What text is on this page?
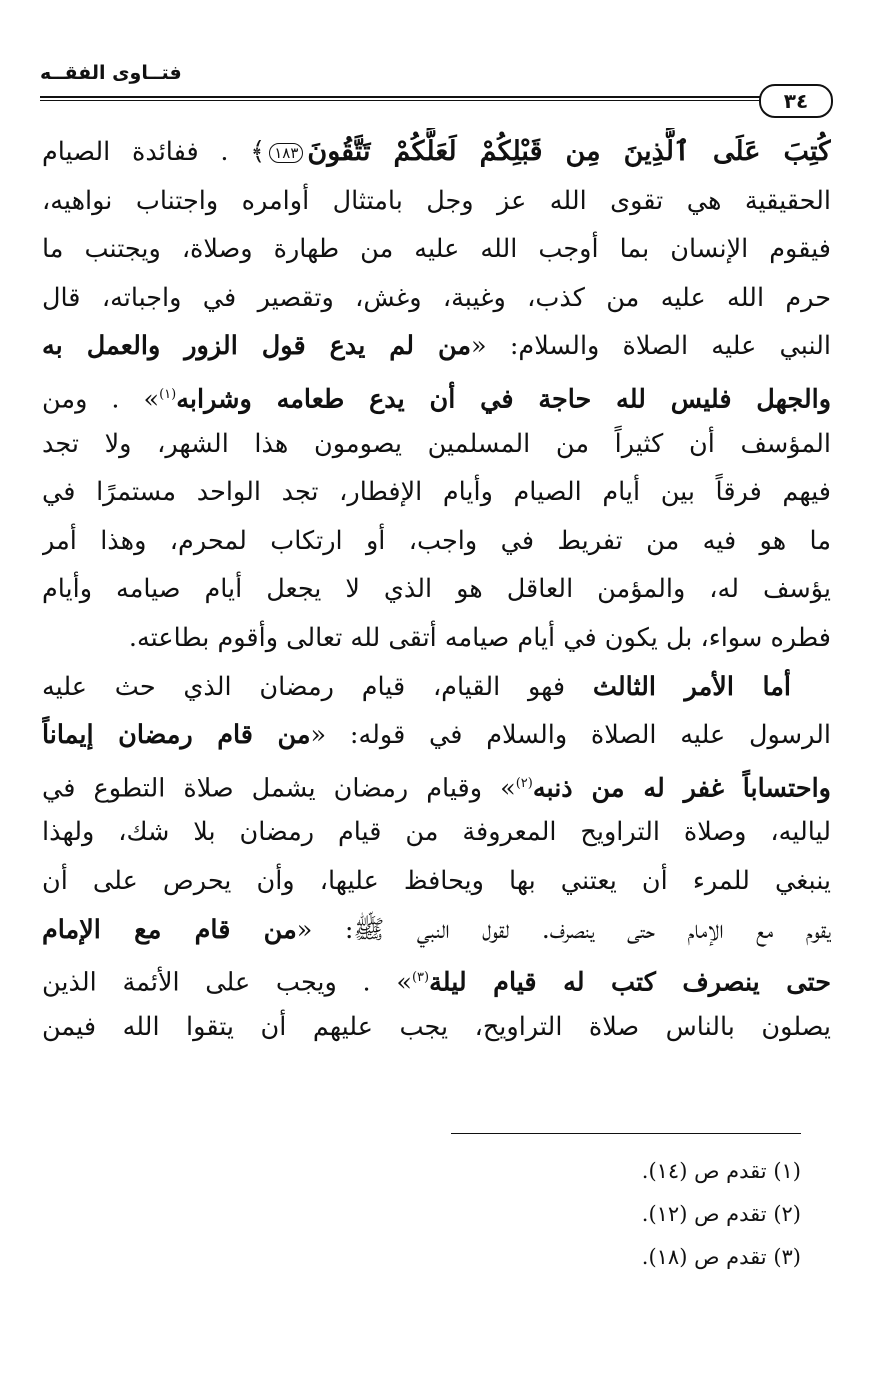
فتــاوى الفقــه
٣٤
كُتِبَ عَلَى ٱلَّذِينَ مِن قَبْلِكُمْ لَعَلَّكُمْ تَتَّقُونَ١٨٣﴾ . ففائدة الصيام
الحقيقية هي تقوى الله عز وجل بامتثال أوامره واجتناب نواهيه،
فيقوم الإنسان بما أوجب الله عليه من طهارة وصلاة، ويجتنب ما
حرم الله عليه من كذب، وغيبة، وغش، وتقصير في واجباته، قال
النبي عليه الصلاة والسلام: «من لم يدع قول الزور والعمل به
والجهل فليس لله حاجة في أن يدع طعامه وشرابه$^{(١)}$» . ومن
المؤسف أن كثيراً من المسلمين يصومون هذا الشهر، ولا تجد
فيهم فرقاً بين أيام الصيام وأيام الإفطار، تجد الواحد مستمرًا في
ما هو فيه من تفريط في واجب، أو ارتكاب لمحرم، وهذا أمر
يؤسف له، والمؤمن العاقل هو الذي لا يجعل أيام صيامه وأيام
فطره سواء، بل يكون في أيام صيامه أتقى لله تعالى وأقوم بطاعته.
أما الأمر الثالث فهو القيام، قيام رمضان الذي حث عليه
الرسول عليه الصلاة والسلام في قوله: «من قام رمضان إيماناً
واحتساباً غفر له من ذنبه$^{(٢)}$» وقيام رمضان يشمل صلاة التطوع في
لياليه، وصلاة التراويح المعروفة من قيام رمضان بلا شك، ولهذا
ينبغي للمرء أن يعتني بها ويحافظ عليها، وأن يحرص على أن
يقوم مع الإمام حتى ينصرف. لقول النبي ﷺ: «من قام مع الإمام
حتى ينصرف كتب له قيام ليلة$^{(٣)}$» . ويجب على الأئمة الذين
يصلون بالناس صلاة التراويح، يجب عليهم أن يتقوا الله فيمن
(١) تقدم ص (١٤).
(٢) تقدم ص (١٢).
(٣) تقدم ص (١٨).
